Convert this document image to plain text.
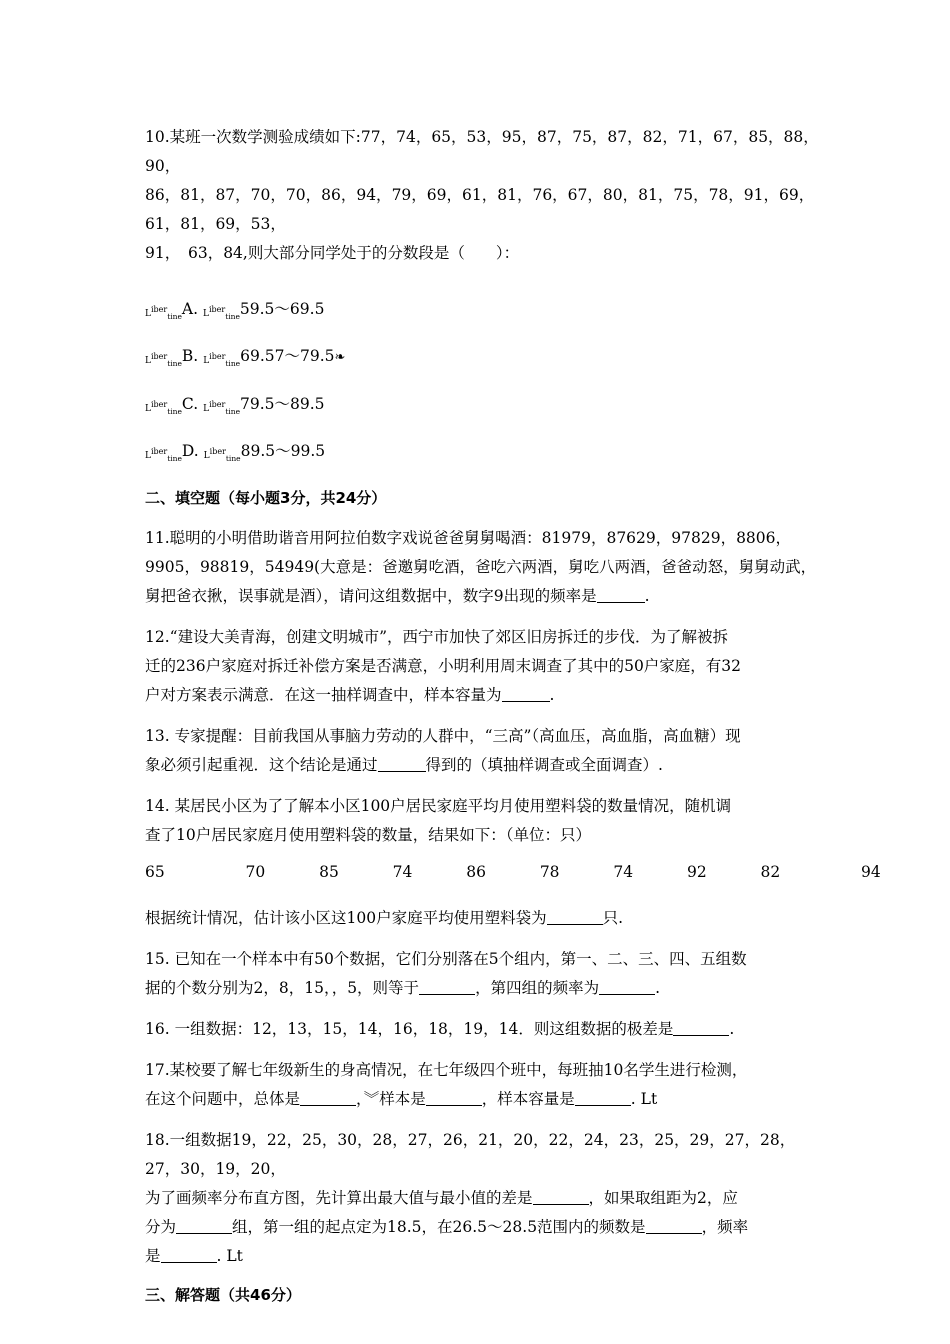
10.某班一次数学测验成绩如下:77，74，65，53，95，87，75，87，82，71，67，85，88，90，
86，81，87，70，70，86，94，79，69，61，81，76，67，80，81，75，78，91，69，61，81，69，53，
91，　63，84,则大部分同学处于的分数段是（　　）：
$L^{iber}_{tine}A$. $L^{iber}_{tine}59.5\sim 69.5$
$L^{iber}_{tine}B$. $L^{iber}_{tine}69.57\sim 79.5❧$
$L^{iber}_{tine}C$. $L^{iber}_{tine}79.5\sim 89.5$
$L^{iber}_{tine}D$. $L^{iber}_{tine}89.5\sim 99.5$
二、填空题（每小题3分，共24分）
11.聪明的小明借助谐音用阿拉伯数字戏说爸爸舅舅喝酒：81979，87629，97829，8806，
9905，98819，54949(大意是：爸邀舅吃酒，爸吃六两酒，舅吃八两酒，爸爸动怒，舅舅动武，
舅把爸衣揪，误事就是酒），请问这组数据中，数字9出现的频率是	.
12.“建设大美青海，创建文明城市”，西宁市加快了郊区旧房拆迁的步伐．为了解被拆
迁的236户家庭对拆迁补偿方案是否满意，小明利用周末调查了其中的50户家庭，有32
户对方案表示满意．在这一抽样调查中，样本容量为	.
13. 专家提醒：目前我国从事脑力劳动的人群中，“三高”（高血压，高血脂，高血糖）现
象必须引起重视．这个结论是通过	得到的（填抽样调查或全面调查）.
14. 某居民小区为了了解本小区100户居民家庭平均月使用塑料袋的数量情况，随机调
查了10户居民家庭月使用塑料袋的数量，结果如下：（单位：只）
65   70  85  74  86  78  74  92  82   94
根据统计情况，估计该小区这100户家庭平均使用塑料袋为	只.
15. 已知在一个样本中有50个数据，它们分别落在5个组内，第一、二、三、四、五组数
据的个数分别为2，8，15，，5，则等于	，第四组的频率为	.
16. 一组数据：12，13，15，14，16，18，19，14．则这组数据的极差是	.
17.某校要了解七年级新生的身高情况，在七年级四个班中，每班抽10名学生进行检测，
在这个问题中，总体是	，︾样本是	，样本容量是	. Lt
18.一组数据19，22，25，30，28，27，26，21，20，22，24，23，25，29，27，28，27，30，19，20，
为了画频率分布直方图，先计算出最大值与最小值的差是	，如果取组距为2，应
分为	组，第一组的起点定为18.5，在26.5～28.5范围内的频数是	，频率
是	. Lt
三、解答题（共46分）
